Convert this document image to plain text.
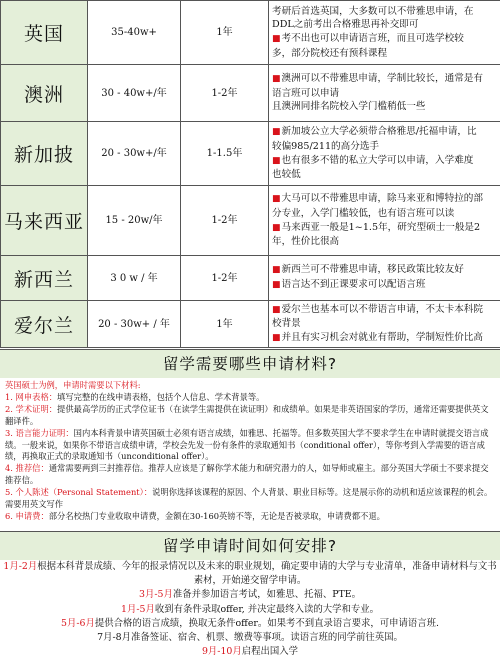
英国	35-40w+	1年	考研后首选英国，大多数可以不带雅思申请，在
DDL之前考出合格雅思再补交即可
■考不出也可以申请语言班，而且可选学校较
多，部分院校还有预科课程

澳洲	30 - 40w+/年	1-2年	■澳洲可以不带雅思申请，学制比较长，通常是有
语言班可以申请
且澳洲同排名院校入学门槛稍低一些

新加披	20 - 30w+/年	1-1.5年	■新加坡公立大学必须带合格雅思/托福申请，比
较偏985/211的高分选手
■也有很多不错的私立大学可以申请，入学难度
也较低

马来西亚	15 - 20w/年	1-2年	■大马可以不带雅思申请，除马来亚和博特拉的部
分专业，入学门槛较低，也有语言班可以读
■马来西亚一般是1~1.5年，研究型硕士一般是2
年，性价比很高

新西兰	3 0 w / 年	1-2年	■新西兰可不带雅思申请，移民政策比较友好
■语言达不到正课要求可以配语言班

爱尔兰	20 - 30w+ / 年	1年	■爱尔兰也基本可以不带语言申请，不太卡本科院
校背景
■并且有实习机会对就业有帮助，学制短性价比高
留学需要哪些申请材料?

英国硕士为例，申请时需要以下材料:

1. 网申表格：填写完整的在线申请表格，包括个人信息、学术背景等。

2. 学术证明：提供最高学历的正式学位证书（在读学生需提供在读证明）和成绩单。如果是非英语国家的学历，通常还需要提供英文翻译件。

3. 语言能力证明：国内本科背景申请英国硕士必须有语言成绩，如雅思、托福等。但多数英国大学不要求学生在申请时就提交语言成绩。一般来说，如果你不带语言成绩申请，学校会先发一份有条件的录取通知书（conditional offer），等你考到入学需要的语言成绩，再换取正式的录取通知书（unconditional offer）。

4. 推荐信：通常需要两到三封推荐信。推荐人应该是了解你学术能力和研究潜力的人，如导师或雇主。部分英国大学硕士不要求提交推荐信。

5. 个人陈述（Personal Statement）：说明你选择该课程的原因、个人背景、职业目标等。这是展示你的动机和适应该课程的机会。需要用英文写作

6. 申请费：部分名校热门专业收取申请费，金额在30-160英镑不等，无论是否被录取，申请费都不退。

留学申请时间如何安排?

1月-2月根据本科背景成绩、今年的报录情况以及未来的职业规划，确定要申请的大学与专业清单，准备申请材料与文书素材，开始递交留学申请。

3月-5月准备并参加语言考试，如雅思、托福、PTE。

1月-5月收到有条件录取offer, 并决定最终入读的大学和专业。

5月-6月提供合格的语言成绩，换取无条件offer。如果考不到直录语言要求，可申请语言班.

7月-8月准备签证、宿舍、机票、缴费等事项。读语言班的同学前往英国。

9月-10月启程出国入学
